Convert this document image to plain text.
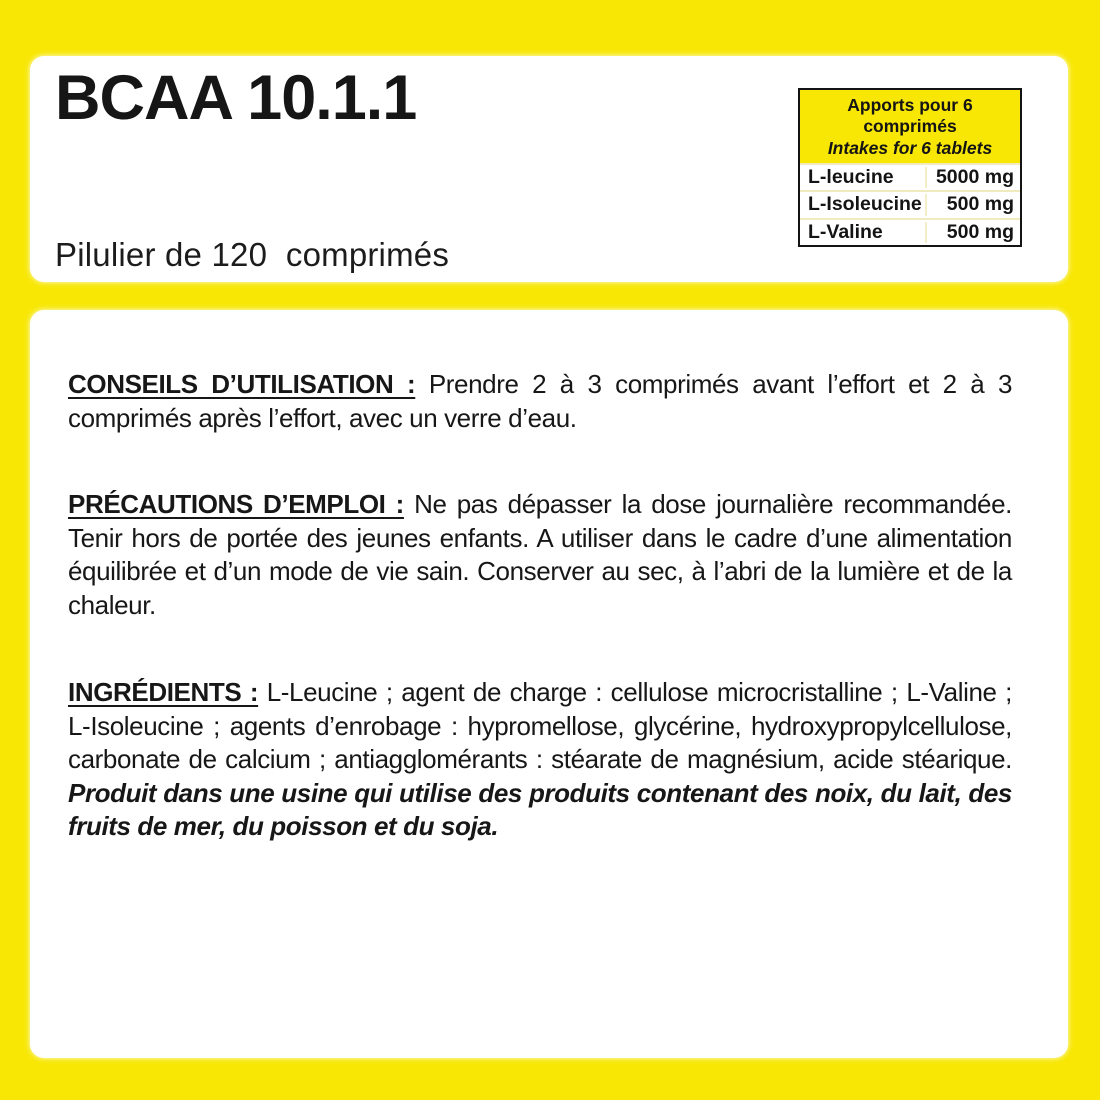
BCAA 10.1.1	Apports pour 6 comprimés
Intakes for 6 tablets
L-leucine	5000 mg
L-Isoleucine	500 mg
L-Valine	500 mg
Pilulier de 120  comprimés

CONSEILS D’UTILISATION : Prendre 2 à 3 comprimés avant l’effort et 2 à 3 comprimés après l’effort, avec un verre d’eau.

PRÉCAUTIONS D’EMPLOI : Ne pas dépasser la dose journalière recommandée. Tenir hors de portée des jeunes enfants. A utiliser dans le cadre d’une alimentation équilibrée et d’un mode de vie sain. Conserver au sec, à l’abri de la lumière et de la chaleur.

INGRÉDIENTS : L-Leucine ; agent de charge : cellulose microcristalline ; L-Valine ; L-Isoleucine ; agents d’enrobage : hypromellose, glycérine, hydroxypropylcellulose, carbonate de calcium ; antiagglomérants : stéarate de magnésium, acide stéarique. Produit dans une usine qui utilise des produits contenant des noix, du lait, des fruits de mer, du poisson et du soja.
